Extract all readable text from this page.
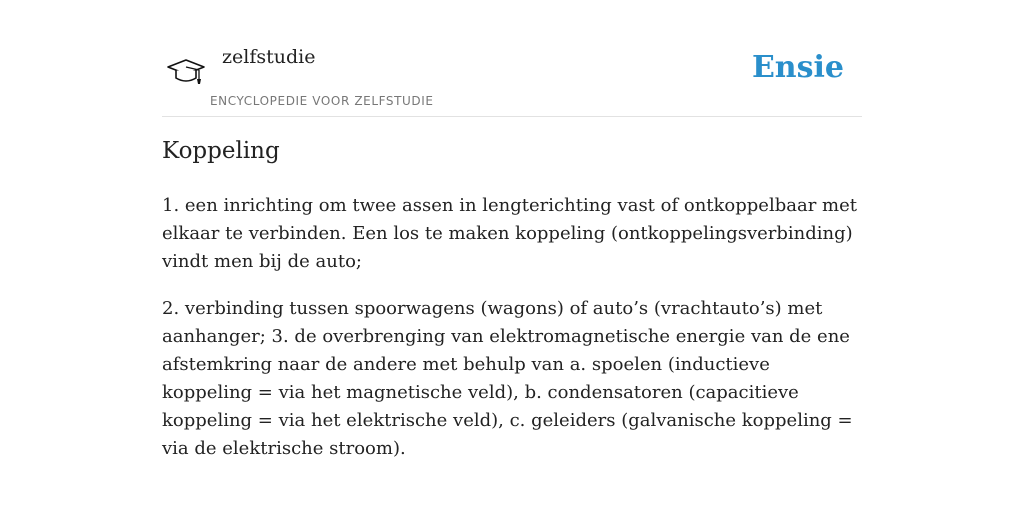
zelfstudie
ENCYCLOPEDIE VOOR ZELFSTUDIE
Ensie
Koppeling

1. een inrichting om twee assen in lengterichting vast of ontkoppelbaar met elkaar te verbinden. Een los te maken koppeling (ontkoppelingsverbinding) vindt men bij de auto;

2. verbinding tussen spoorwagens (wagons) of auto’s (vrachtauto’s) met aanhanger; 3. de overbrenging van elektromagnetische energie van de ene afstemkring naar de andere met behulp van a. spoelen (inductieve koppeling = via het magnetische veld), b. condensatoren (capacitieve koppeling = via het elektrische veld), c. geleiders (galvanische koppeling = via de elektrische stroom).
